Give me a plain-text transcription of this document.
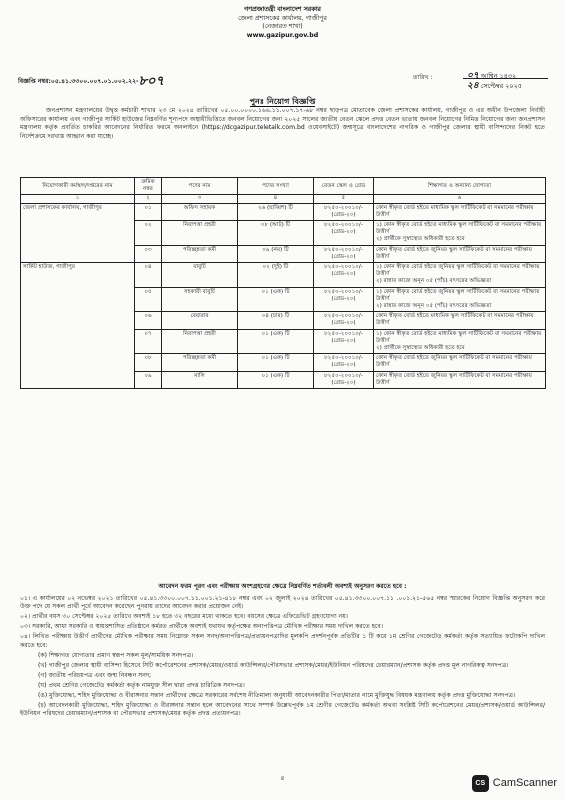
গণপ্রজাতন্ত্রী বাংলাদেশ সরকার
জেলা প্রশাসকের কার্যালয়, গাজীপুর
(নেজারত শাখা)
www.gazipur.gov.bd
বিজ্ঞপ্তি নম্বর:০৫.৪১.৩৩০০.০০৭.০১.০০২.২২-৮০৭	তারিখ :	০৭ আশ্বিন ১৪৩২
২৪ সেপ্টেম্বর ২০২৫
পুনঃ নিয়োগ বিজ্ঞপ্তি
জনপ্রশাসন মন্ত্রণালয়ের উদ্বৃত্ত কর্মচারী শাখার ২৩ মে ২০২৪ তারিখের ০৫.০০.০০০০.১৬৬.১১.০০৭.১৭-৬৮ নম্বর ছাড়পত্র মোতাবেক জেলা প্রশাসকের কার্যালয়, গাজীপুর ও এর অধীন উপজেলা নির্বাহী অফিসারের কার্যালয় এবং গাজীপুর সার্কিট হাউজের নিম্নবর্ণিত শূন্যপদে অস্থায়ীভিত্তিতে জনবল নিয়োগের জন্য ২০২৫ সালের জাতীয় বেতন স্কেলে প্রদত্ত বেতন ভাতায় জনবল নিয়োগের নিমিত্ত নিয়োগের জন্য জনপ্রশাসন মন্ত্রণালয় কর্তৃক প্রবর্তিত চাকরির আবেদনের নির্ধারিত ফরমে অনলাইনে (https://dcgazipur.teletalk.com.bd ওয়েবসাইটে) জন্মসূত্রে বাংলাদেশের নাগরিক ও গাজীপুর জেলার স্থায়ী বাসিন্দাদের নিকট হতে নির্দেশক্রমে দরখাস্ত আহ্বান করা যাচ্ছে।
নিয়োগকারী কর্মস্থল/দপ্তরের নাম	ক্রমিক নম্বর	পদের নাম	পদের সংখ্যা	বেতন স্কেল ও গ্রেড	শিক্ষাগত ও অন্যান্য যোগ্যতা
১	২	৩	৪	৫	৬
জেলা প্রশাসকের কার্যালয়, গাজীপুর	০১	অফিস সহায়ক	২৬ (ছাব্বিশ) টি	৮২৫০-২০০১০/- (গ্রেড-২০)	কোন স্বীকৃত বোর্ড হইতে মাধ্যমিক স্কুল সার্টিফিকেট বা সমমানের পরীক্ষায় উত্তীর্ণ

	০২	নিরাপত্তা প্রহরী	০৮ (আট) টি	৮২৫০-২০০১০/- (গ্রেড-২০)	১) কোন স্বীকৃত বোর্ড হইতে মাধ্যমিক স্কুল সার্টিফিকেট বা সমমানের পরীক্ষায় উত্তীর্ণ
২) প্রার্থীকে সুস্বাস্থ্যের অধিকারী হতে হবে

	০৩	পরিচ্ছন্নতা কর্মী	০৯ (নয়) টি	৮২৫০-২০০১০/- (গ্রেড-২০)	কোন স্বীকৃত বোর্ড হইতে জুনিয়র স্কুল সার্টিফিকেট বা সমমানের পরীক্ষায় উত্তীর্ণ

সার্কিট হাউজ, গাজীপুর	০৪	বাবুর্চি	০২ (দুই) টি	৮২৫০-২০০১০/- (গ্রেড-২০)	১) কোন স্বীকৃত বোর্ড হইতে জুনিয়র স্কুল সার্টিফিকেট বা সমমানের পরীক্ষায় উত্তীর্ণ
২) রান্নার কাজে অনূন ০৫ (পাঁচ) বৎসরের অভিজ্ঞতা

	০৫	সহকারী বাবুর্চি	০১ (এক) টি	৮২৫০-২০০১০/- (গ্রেড-২০)	১) কোন স্বীকৃত বোর্ড হইতে জুনিয়র স্কুল সার্টিফিকেট বা সমমানের পরীক্ষায় উত্তীর্ণ
২) রান্নার কাজে অনূন ০৫ (পাঁচ) বৎসরের অভিজ্ঞতা

	০৬	বেয়ারার	০৪ (চার) টি	৮২৫০-২০০১০/- (গ্রেড-২০)	কোন স্বীকৃত বোর্ড হইতে মাধ্যমিক স্কুল সার্টিফিকেট বা সমমানের পরীক্ষায় উত্তীর্ণ

	০৭	নিরাপত্তা প্রহরী	০১ (এক) টি	৮২৫০-২০০১০/- (গ্রেড-২০)	১) কোন স্বীকৃত বোর্ড হইতে মাধ্যমিক স্কুল সার্টিফিকেট বা সমমানের পরীক্ষায় উত্তীর্ণ
২) প্রার্থীকে সুস্বাস্থ্যের অধিকারী হতে হবে

	০৮	পরিচ্ছন্নতা কর্মী	০১ (এক) টি	৮২৫০-২০০১০/- (গ্রেড-২০)	কোন স্বীকৃত বোর্ড হইতে জুনিয়র স্কুল সার্টিফিকেট বা সমমানের পরীক্ষায় উত্তীর্ণ

	০৯	মালি	০১ (এক) টি	৮২৫০-২০০১০/- (গ্রেড-২০)	কোন স্বীকৃত বোর্ড হইতে জুনিয়র স্কুল সার্টিফিকেট বা সমমানের পরীক্ষায় উত্তীর্ণ
আবেদন ফরম পূরণ এবং পরীক্ষায় অংশগ্রহণের ক্ষেত্রে নিম্নবর্ণিত শর্তাবলী অবশ্যই অনুসরণ করতে হবে :

০১। এ কার্যালয়ের ০২ নভেম্বর ২০২১ তারিখের ০৫.৪১.৩৩০০.০০৭.১১.০০১.২১-৪১৮ নম্বর এবং ০২ জুলাই ২০২৪ তারিখের ০৫.৪১.৩৩০০.০০৭.১১ .০০১.২১-৫৬৫ নম্বর স্মারকের নিয়োগ বিজ্ঞপ্তি অনুসরণ করে উক্ত পদে যে সকল প্রার্থী পূর্বে আবেদন করেছেন পুনরায় তাদের আবেদন করার প্রয়োজন নেই।

০২। প্রার্থীর বয়স ৩০ সেপ্টেম্বর ২০২৫ তারিখে অবশ্যই ১৮ হতে ৩২ বছরের মধ্যে থাকতে হবে। বয়সের ক্ষেত্রে এফিডেভিট গ্রহণযোগ্য নয়।

০৩। সরকারি, আধা সরকারি ও স্বায়ত্তশাসিত প্রতিষ্ঠানে কর্মরত প্রার্থীকে অবশ্যই যথাযথ কর্তৃপক্ষের অনাপত্তিপত্র মৌখিক পরীক্ষার সময় দাখিল করতে হবে।

০৪। লিখিত পরীক্ষায় উত্তীর্ণ প্রার্থীদের মৌখিক পরীক্ষার সময় নিম্নোক্ত সকল সনদ/অনাপত্তিপত্র/প্রত্যয়নপত্রাদির মূলকপি প্রদর্শনপূর্বক প্রতিটির ১ টি করে ১ম শ্রেণির গেজেটেড কর্মকর্তা কর্তৃক সত্যায়িত ফটোকপি দাখিল করতে হবে:

(ক) শিক্ষাগত যোগ্যতার প্রমাণ স্বরূপ সকল মূল/সাময়িক সনদপত্র।

(খ) গাজীপুর জেলার স্থায়ী বাসিন্দা হিসেবে সিটি কর্পোরেশনের প্রশাসক/মেয়র/ওয়ার্ড কাউন্সিলর/পৌরসভার প্রশাসক/মেয়র/ইউনিয়ন পরিষদের চেয়ারম্যান/প্রশাসক কর্তৃক প্রদত্ত মূল নাগরিকত্ব সনদপত্র।

(গ) জাতীয় পরিচয়পত্র এবং জন্ম নিবন্ধন সনদ;

(ঘ) প্রথম শ্রেণির গেজেটেড কর্মকর্তা কর্তৃক নামযুক্ত সীল দ্বারা প্রদত্ত চারিত্রিক সনদপত্র।

(ঙ) মুক্তিযোদ্ধা, শহিদ মুক্তিযোদ্ধা ও বীরাঙ্গনার সন্তান প্রার্থীদের ক্ষেত্রে সরকারের সর্বশেষ নীতিমালা অনুযায়ী আবেদনকারীর পিতা/মাতার নামে মুক্তিযুদ্ধ বিষয়ক মন্ত্রণালয় কর্তৃক প্রদত্ত মুক্তিযোদ্ধা সনদপত্র।

(চ) আবেদনকারী মুক্তিযোদ্ধা, শহিদ মুক্তিযোদ্ধা ও বীরাঙ্গনার সন্তান হলে আবেদনের সাথে সম্পর্ক উল্লেখপূর্বক ১ম শ্রেণীর গেজেটেড কর্মকর্তা অথবা সংশ্লিষ্ট সিটি কর্পোরেশনের মেয়র/প্রশাসক/ওয়ার্ড কাউন্সিলর/ইউনিয়ন পরিষদের চেয়ারম্যান/প্রশাসক বা পৌরসভার প্রশাসক/মেয়র কর্তৃক প্রদত্ত প্রত্যয়নপত্র।

৫
CS CamScanner
